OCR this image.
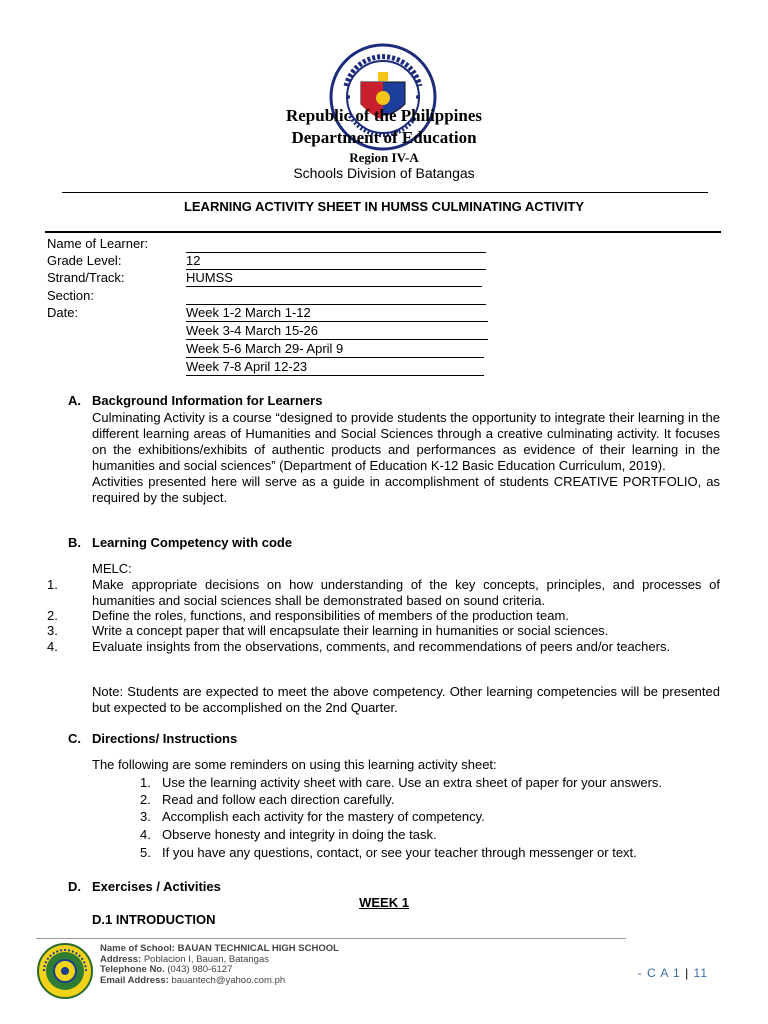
Republic of the Philippines
Department of Education
Region IV-A
Schools Division of Batangas
LEARNING ACTIVITY SHEET IN HUMSS CULMINATING ACTIVITY
Name of Learner:
Grade Level:	12
Strand/Track:	HUMSS
Section:
Date:	Week 1-2 March 1-12
Week 3-4 March 15-26
Week 5-6 March 29- April 9
Week 7-8 April 12-23
A. Background Information for Learners

Culminating Activity is a course “designed to provide students the opportunity to integrate their learning in the different learning areas of Humanities and Social Sciences through a creative culminating activity. It focuses on the exhibitions/exhibits of authentic products and performances as evidence of their learning in the humanities and social sciences” (Department of Education K-12 Basic Education Curriculum, 2019).

Activities presented here will serve as a guide in accomplishment of students CREATIVE PORTFOLIO, as required by the subject.

B. Learning Competency with code
MELC:
1.	Make appropriate decisions on how understanding of the key concepts, principles, and processes of humanities and social sciences shall be demonstrated based on sound criteria.
2.	Define the roles, functions, and responsibilities of members of the production team.
3.	Write a concept paper that will encapsulate their learning in humanities or social sciences.
4.	Evaluate insights from the observations, comments, and recommendations of peers and/or teachers.
Note: Students are expected to meet the above competency. Other learning competencies will be presented but expected to be accomplished on the 2nd Quarter.
C. Directions/ Instructions
The following are some reminders on using this learning activity sheet:
1. Use the learning activity sheet with care. Use an extra sheet of paper for your answers.
2. Read and follow each direction carefully.
3. Accomplish each activity for the mastery of competency.
4. Observe honesty and integrity in doing the task.
5. If you have any questions, contact, or see your teacher through messenger or text.
D. Exercises / Activities
WEEK 1
D.1 INTRODUCTION
Name of School: BAUAN TECHNICAL HIGH SCHOOL
Address: Poblacion I, Bauan, Batangas
Telephone No. (043) 980-6127
Email Address: bauantech@yahoo.com.ph	- C A 1 | 11
